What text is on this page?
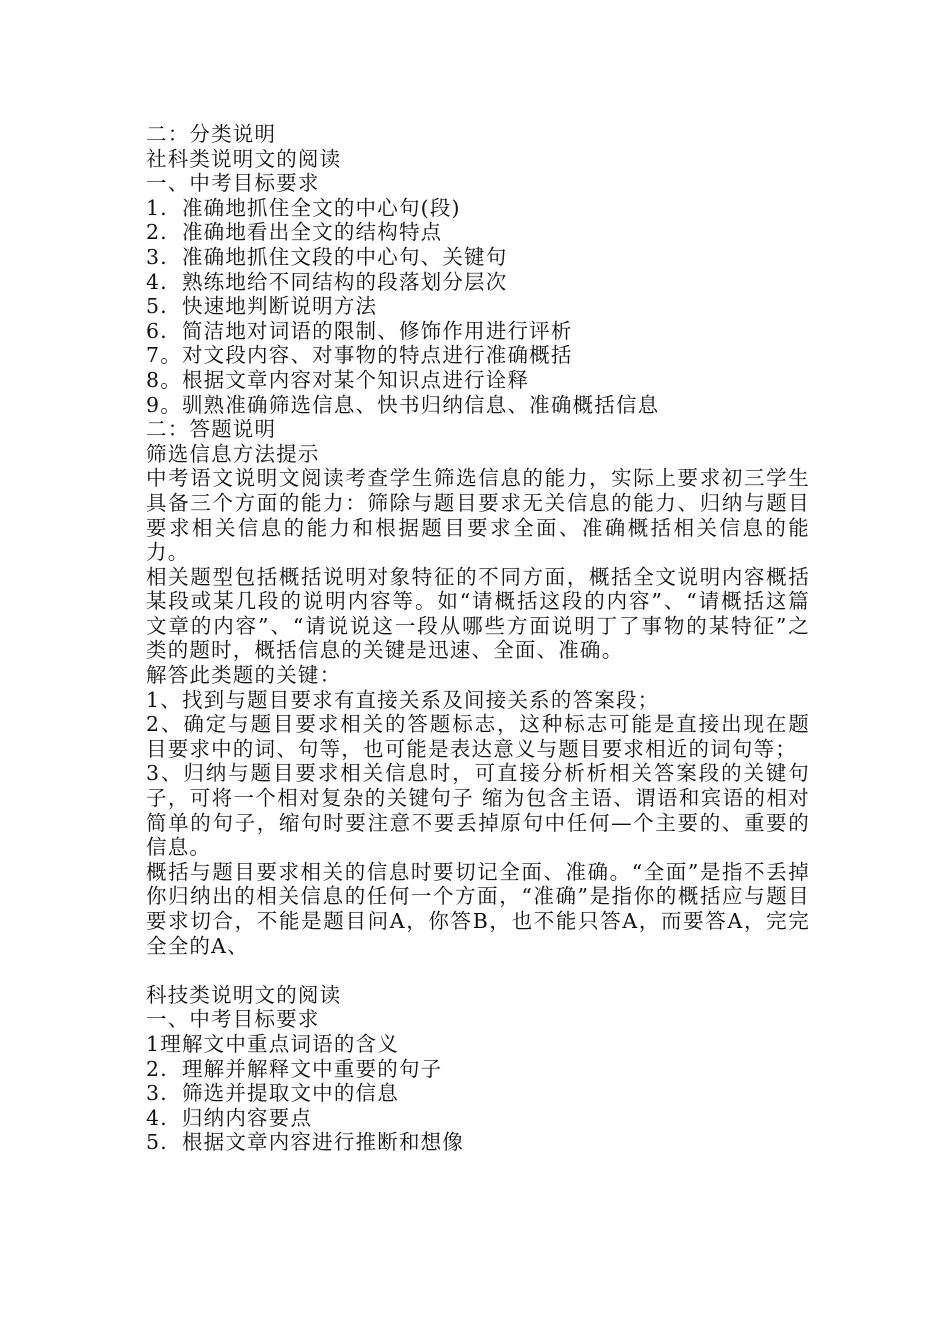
二：分类说明
社科类说明文的阅读
一、中考目标要求
1．准确地抓住全文的中心句(段)
2．准确地看出全文的结构特点
3．准确地抓住文段的中心句、关键句
4．熟练地给不同结构的段落划分层次
5．快速地判断说明方法
6．简洁地对词语的限制、修饰作用进行评析
7。对文段内容、对事物的特点进行准确概括
8。根据文章内容对某个知识点进行诠释
9。驯熟准确筛选信息、快书归纳信息、准确概括信息
二：答题说明
筛选信息方法提示
中考语文说明文阅读考查学生筛选信息的能力，实际上要求初三学生具备三个方面的能力：筛除与题目要求无关信息的能力、归纳与题目要求相关信息的能力和根据题目要求全面、准确概括相关信息的能力。
相关题型包括概括说明对象特征的不同方面，概括全文说明内容概括某段或某几段的说明内容等。如“请概括这段的内容”、“请概括这篇文章的内容”、“请说说这一段从哪些方面说明丁了事物的某特征”之类的题时，概括信息的关键是迅速、全面、准确。
解答此类题的关键：
1、找到与题目要求有直接关系及间接关系的答案段；
2、确定与题目要求相关的答题标志，这种标志可能是直接出现在题目要求中的词、句等，也可能是表达意义与题目要求相近的词句等；
3、归纳与题目要求相关信息时，可直接分析析相关答案段的关键句子，可将一个相对复杂的关键句子 缩为包含主语、谓语和宾语的相对简单的句子，缩句时要注意不要丢掉原句中任何—个主要的、重要的信息。
概括与题目要求相关的信息时要切记全面、准确。“全面”是指不丢掉你归纳出的相关信息的任何一个方面，“准确”是指你的概括应与题目要求切合，不能是题目问A，你答B，也不能只答A，而要答A，完完全全的A、
科技类说明文的阅读
一、中考目标要求
1理解文中重点词语的含义
2．理解并解释文中重要的句子
3．筛选并提取文中的信息
4．归纳内容要点
5．根据文章内容进行推断和想像
